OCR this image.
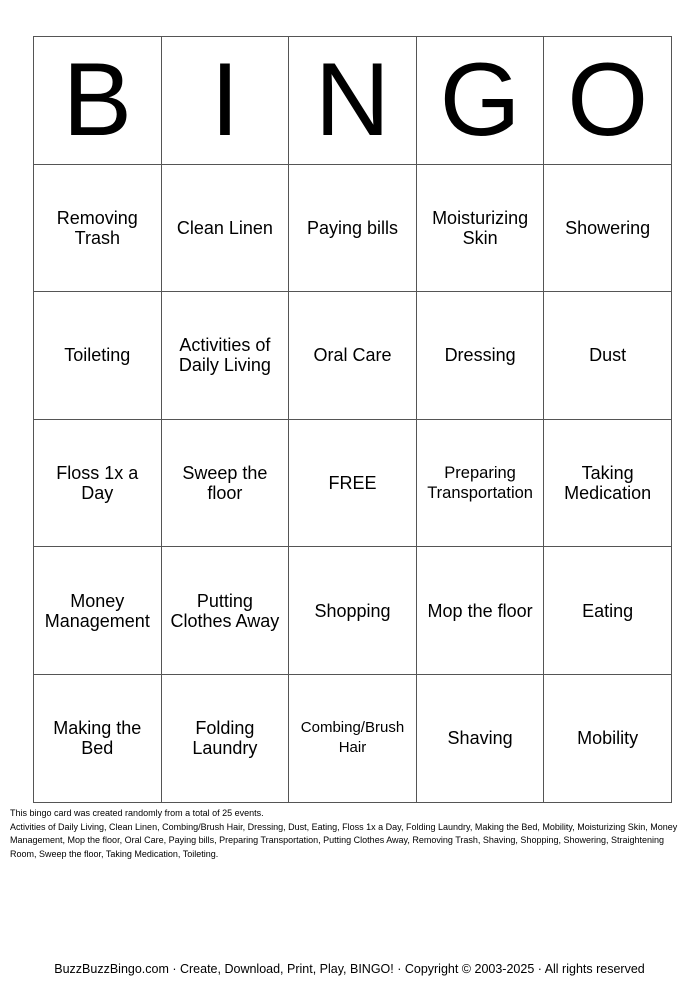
B	I	N	G	O
Removing Trash	Clean Linen	Paying bills	Moisturizing Skin	Showering
Toileting	Activities of Daily Living	Oral Care	Dressing	Dust
Floss 1x a Day	Sweep the floor	FREE	Preparing Transportation	Taking Medication
Money Management	Putting Clothes Away	Shopping	Mop the floor	Eating
Making the Bed	Folding Laundry	Combing/Brush Hair	Shaving	Mobility

This bingo card was created randomly from a total of 25 events.

Activities of Daily Living, Clean Linen, Combing/Brush Hair, Dressing, Dust, Eating, Floss 1x a Day, Folding Laundry, Making the Bed, Mobility, Moisturizing Skin, Money Management, Mop the floor, Oral Care, Paying bills, Preparing Transportation, Putting Clothes Away, Removing Trash, Shaving, Shopping, Showering, Straightening Room, Sweep the floor, Taking Medication, Toileting.

BuzzBuzzBingo.com · Create, Download, Print, Play, BINGO! · Copyright © 2003-2025 · All rights reserved
